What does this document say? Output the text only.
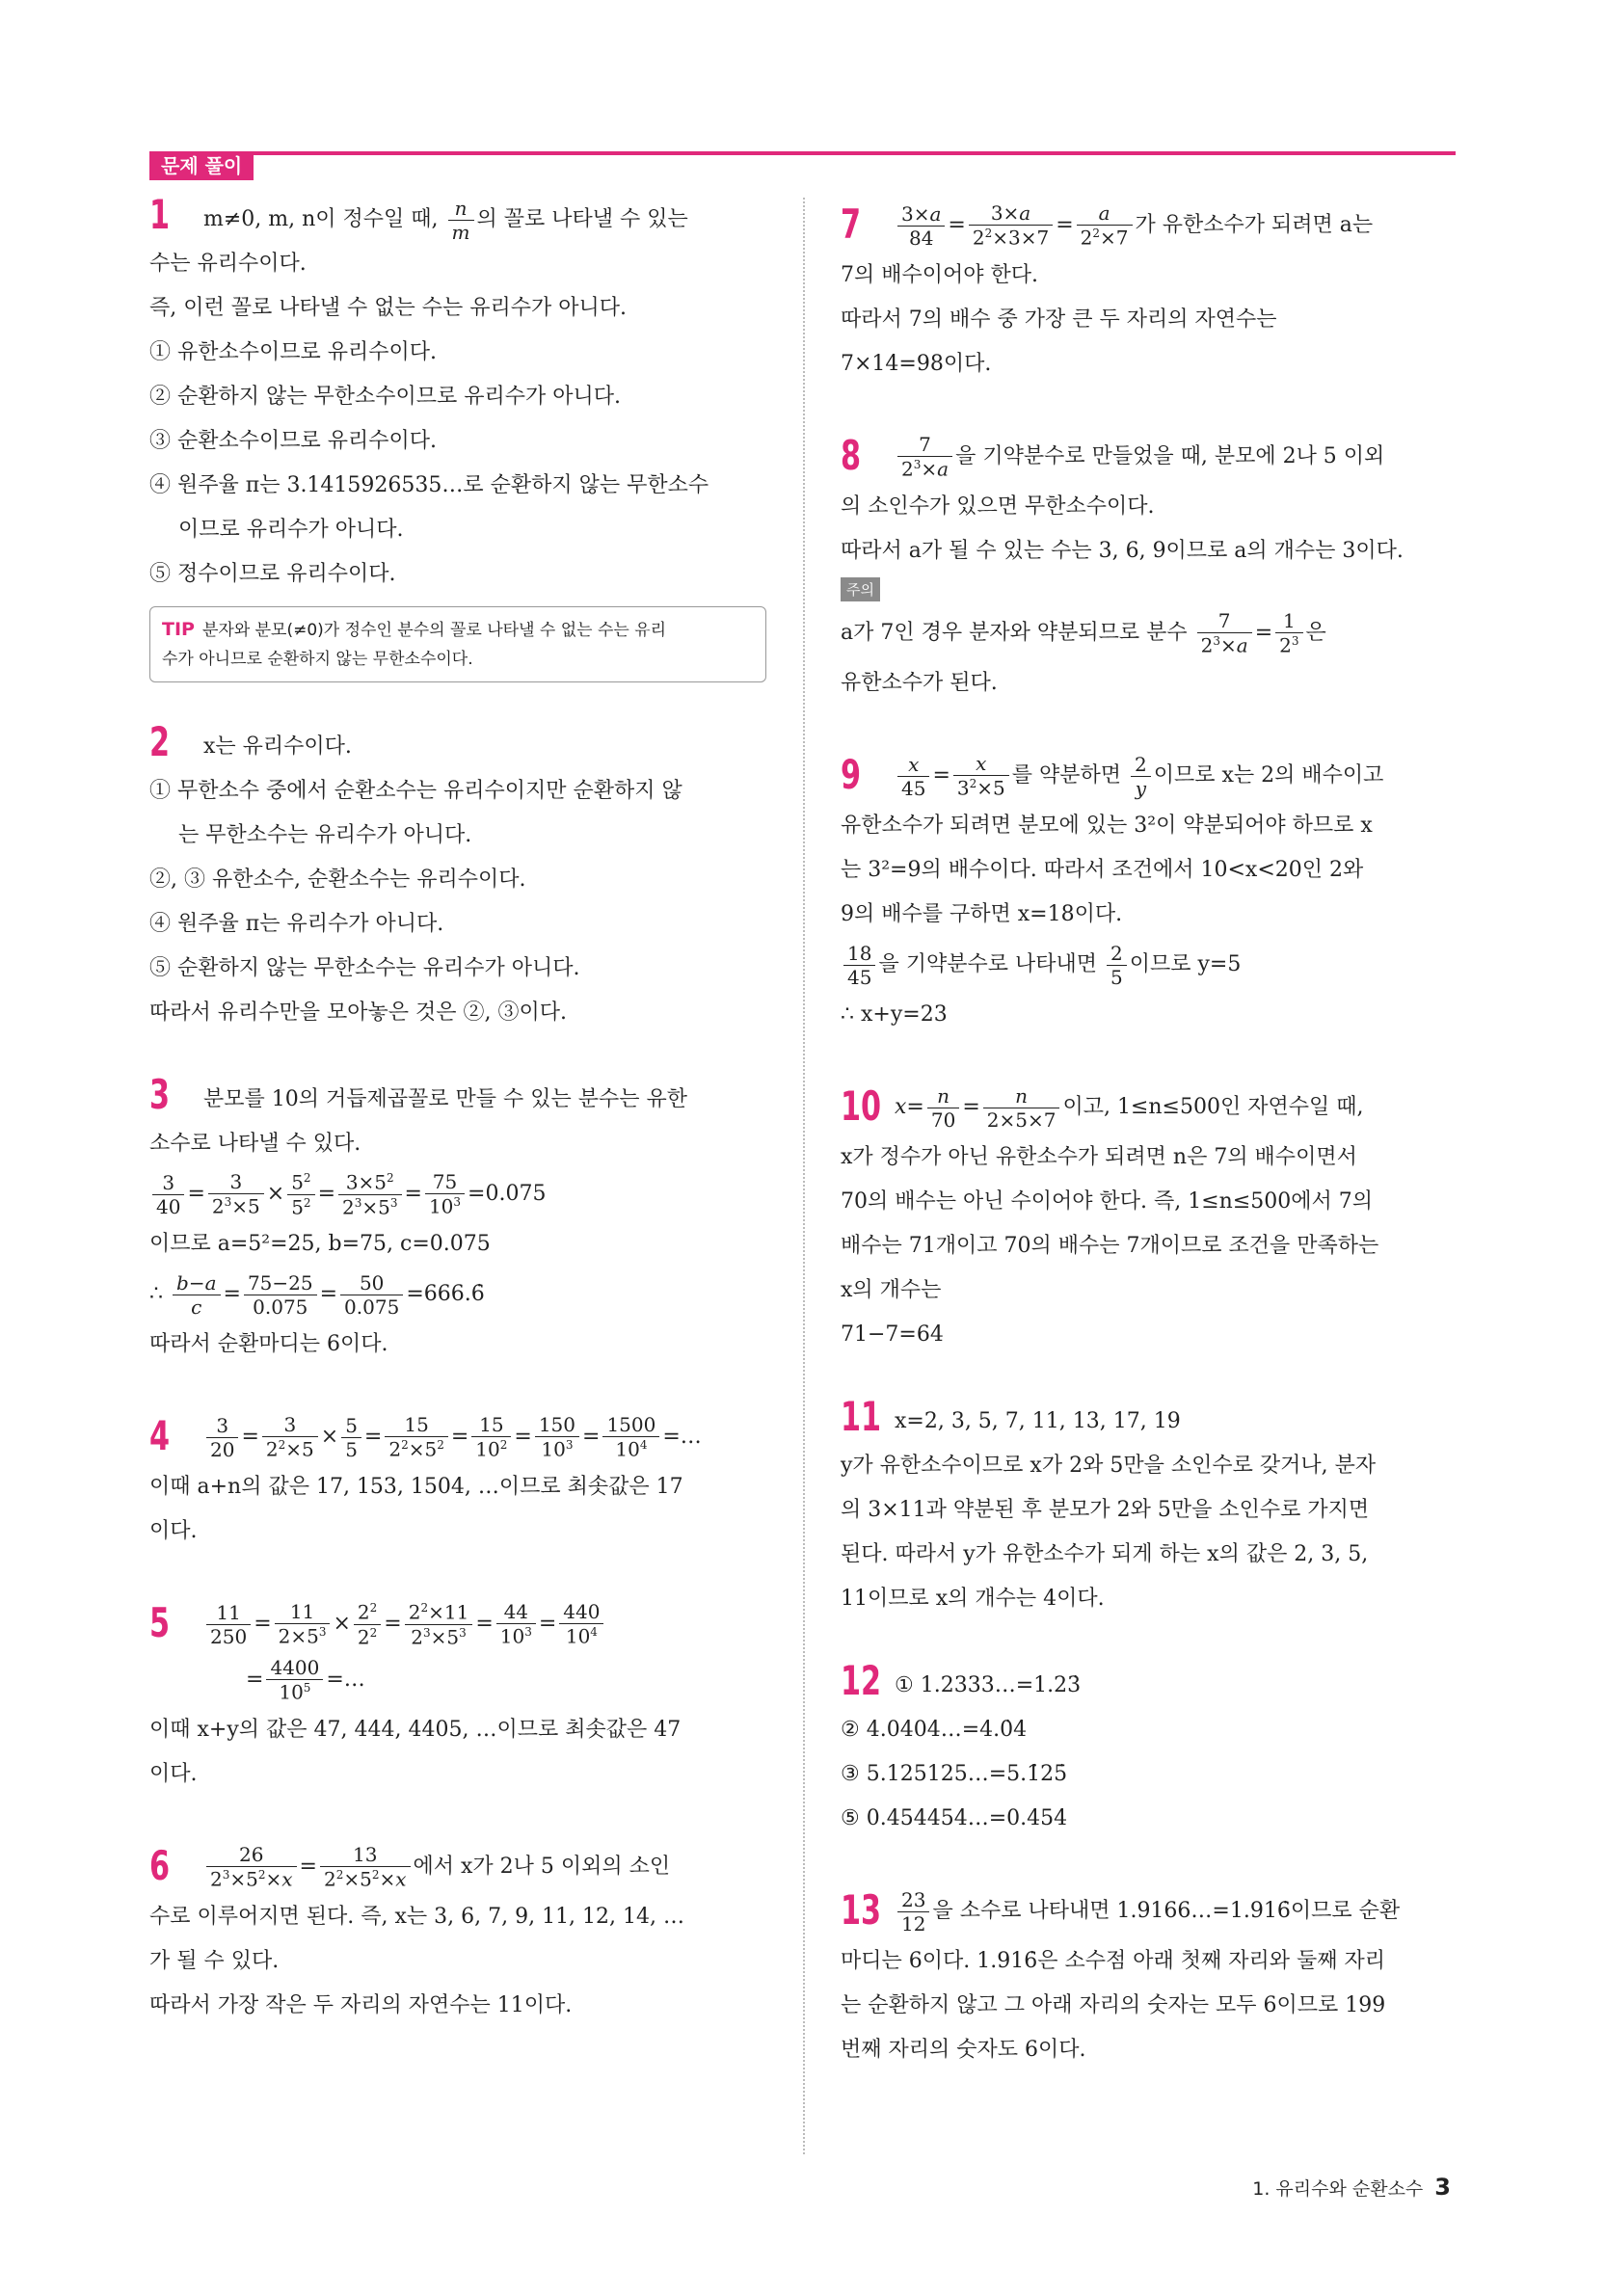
문제 풀이
1	m≠0, m, n이 정수일 때, $\frac{n}{m}$ 의 꼴로 나타낼 수 있는
수는 유리수이다.
즉, 이런 꼴로 나타낼 수 없는 수는 유리수가 아니다.
① 유한소수이므로 유리수이다.
② 순환하지 않는 무한소수이므로 유리수가 아니다.
③ 순환소수이므로 유리수이다.
④ 원주율 π는 3.1415926535…로 순환하지 않는 무한소수
이므로 유리수가 아니다.
⑤ 정수이므로 유리수이다.
TIP 분자와 분모(≠0)가 정수인 분수의 꼴로 나타낼 수 없는 수는 유리
수가 아니므로 순환하지 않는 무한소수이다.
2	x는 유리수이다.
① 무한소수 중에서 순환소수는 유리수이지만 순환하지 않
는 무한소수는 유리수가 아니다.
②, ③ 유한소수, 순환소수는 유리수이다.
④ 원주율 π는 유리수가 아니다.
⑤ 순환하지 않는 무한소수는 유리수가 아니다.
따라서 유리수만을 모아놓은 것은 ②, ③이다.
3	분모를 10의 거듭제곱꼴로 만들 수 있는 분수는 유한
소수로 나타낼 수 있다.
$\frac{3}{40} = \frac{3}{2^3\times 5} \times \frac{5^2}{5^2} = \frac{3\times 5^2}{2^3\times 5^3} = \frac{75}{10^3} =0.075$
이므로 a=5²=25, b=75, c=0.075
∴ $\frac{b-a}{c} = \frac{75-25}{0.075} = \frac{50}{0.075}$ =666.6̇
따라서 순환마디는 6이다.
$4 \frac{3}{20} = \frac{3}{2^2\times 5} \times \frac{5}{5} = \frac{15}{2^2\times 5^2} = \frac{15}{10^2} = \frac{150}{10^3} = \frac{1500}{10^4}$ =…
이때 a+n의 값은 17, 153, 1504, …이므로 최솟값은 17
이다.
$5 \frac{11}{250} = \frac{11}{2\times 5^3} \times \frac{2^2}{2^2} = \frac{2^2\times 11}{2^3\times 5^3} = \frac{44}{10^3} = \frac{440}{10^4}$
= $\frac{4400}{10^5}$ =…
이때 x+y의 값은 47, 444, 4405, …이므로 최솟값은 47
이다.
$6 \frac{26}{2^3\times 5^2\times x} = \frac{13}{2^2\times 5^2\times x}$ 에서 x가 2나 5 이외의 소인
수로 이루어지면 된다. 즉, x는 3, 6, 7, 9, 11, 12, 14, …
가 될 수 있다.
따라서 가장 작은 두 자리의 자연수는 11이다.
$7 \frac{3\times a}{84} = \frac{3\times a}{2^2\times 3\times 7} = \frac{a}{2^2\times 7}$ 가 유한소수가 되려면 a는
7의 배수이어야 한다.
따라서 7의 배수 중 가장 큰 두 자리의 자연수는
7×14=98이다.
$8 \frac{7}{2^3\times a}$ 을 기약분수로 만들었을 때, 분모에 2나 5 이외
의 소인수가 있으면 무한소수이다.
따라서 a가 될 수 있는 수는 3, 6, 9이므로 a의 개수는 3이다.
주의
a가 7인 경우 분자와 약분되므로 분수 $\frac{7}{2^3\times a} = \frac{1}{2^3}$ 은
유한소수가 된다.
$9 \frac{x}{45} = \frac{x}{3^2\times 5}$ 를 약분하면 $\frac{2}{y}$ 이므로 x는 2의 배수이고
유한소수가 되려면 분모에 있는 3²이 약분되어야 하므로 x
는 3²=9의 배수이다. 따라서 조건에서 10<x<20인 2와
9의 배수를 구하면 x=18이다.
$\frac{18}{45}$ 을 기약분수로 나타내면 $\frac{2}{5}$ 이므로 y=5
∴ x+y=23
10 $x= \frac{n}{70} = \frac{n}{2\times 5\times 7}$ 이고, 1≤n≤500인 자연수일 때,
x가 정수가 아닌 유한소수가 되려면 n은 7의 배수이면서
70의 배수는 아닌 수이어야 한다. 즉, 1≤n≤500에서 7의
배수는 71개이고 70의 배수는 7개이므로 조건을 만족하는
x의 개수는
71−7=64
11 x=2, 3, 5, 7, 11, 13, 17, 19
y가 유한소수이므로 x가 2와 5만을 소인수로 갖거나, 분자
의 3×11과 약분된 후 분모가 2와 5만을 소인수로 가지면
된다. 따라서 y가 유한소수가 되게 하는 x의 값은 2, 3, 5,
11이므로 x의 개수는 4이다.
12 ① 1.2333…=1.23̇
② 4.0404…=4.0̇4̇
③ 5.125125…=5.1̇25̇
⑤ 0.454454…=0.4̇54̇
$13 \frac{23}{12}$ 을 소수로 나타내면 1.9166…=1.916̇이므로 순환
마디는 6이다. 1.916̇은 소수점 아래 첫째 자리와 둘째 자리
는 순환하지 않고 그 아래 자리의 숫자는 모두 6이므로 199
번째 자리의 숫자도 6이다.
1. 유리수와 순환소수 3
